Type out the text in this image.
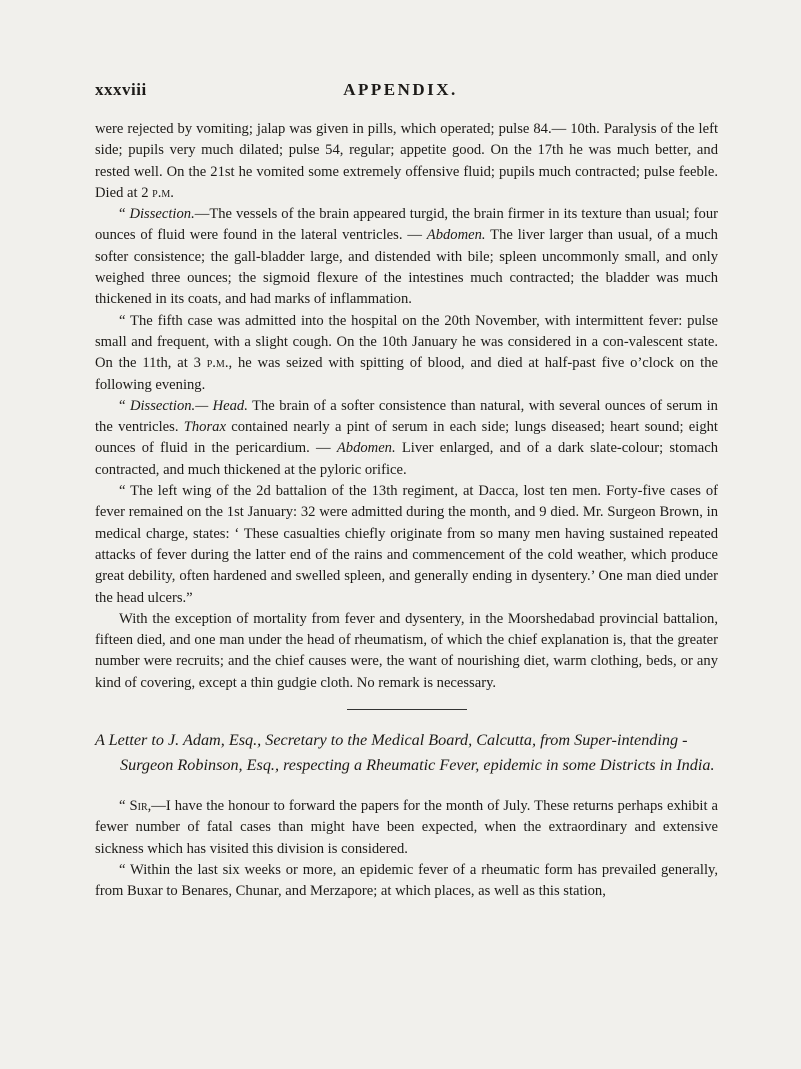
xxxviii	APPENDIX.

were rejected by vomiting; jalap was given in pills, which operated; pulse 84.— 10th. Paralysis of the left side; pupils very much dilated; pulse 54, regular; appetite good. On the 17th he was much better, and rested well. On the 21st he vomited some extremely offensive fluid; pupils much contracted; pulse feeble. Died at 2 p.m.

“ Dissection.—The vessels of the brain appeared turgid, the brain firmer in its texture than usual; four ounces of fluid were found in the lateral ventricles. — Abdomen. The liver larger than usual, of a much softer consistence; the gall-bladder large, and distended with bile; spleen uncommonly small, and only weighed three ounces; the sigmoid flexure of the intestines much contracted; the bladder was much thickened in its coats, and had marks of inflammation.

“ The fifth case was admitted into the hospital on the 20th November, with intermittent fever: pulse small and frequent, with a slight cough. On the 10th January he was considered in a con-valescent state. On the 11th, at 3 p.m., he was seized with spitting of blood, and died at half-past five o’clock on the following evening.

“ Dissection.— Head. The brain of a softer consistence than natural, with several ounces of serum in the ventricles. Thorax contained nearly a pint of serum in each side; lungs diseased; heart sound; eight ounces of fluid in the pericardium. — Abdomen. Liver enlarged, and of a dark slate-colour; stomach contracted, and much thickened at the pyloric orifice.

“ The left wing of the 2d battalion of the 13th regiment, at Dacca, lost ten men. Forty-five cases of fever remained on the 1st January: 32 were admitted during the month, and 9 died. Mr. Surgeon Brown, in medical charge, states: ‘ These casualties chiefly originate from so many men having sustained repeated attacks of fever during the latter end of the rains and commencement of the cold weather, which produce great debility, often hardened and swelled spleen, and generally ending in dysentery.’ One man died under the head ulcers.”

With the exception of mortality from fever and dysentery, in the Moorshedabad provincial battalion, fifteen died, and one man under the head of rheumatism, of which the chief explanation is, that the greater number were recruits; and the chief causes were, the want of nourishing diet, warm clothing, beds, or any kind of covering, except a thin gudgie cloth. No remark is necessary.

A Letter to J. Adam, Esq., Secretary to the Medical Board, Calcutta, from Super-intending - Surgeon Robinson, Esq., respecting a Rheumatic Fever, epidemic in some Districts in India.

“ Sir,—I have the honour to forward the papers for the month of July. These returns perhaps exhibit a fewer number of fatal cases than might have been expected, when the extraordinary and extensive sickness which has visited this division is considered.

“ Within the last six weeks or more, an epidemic fever of a rheumatic form has prevailed generally, from Buxar to Benares, Chunar, and Merzapore; at which places, as well as this station,
